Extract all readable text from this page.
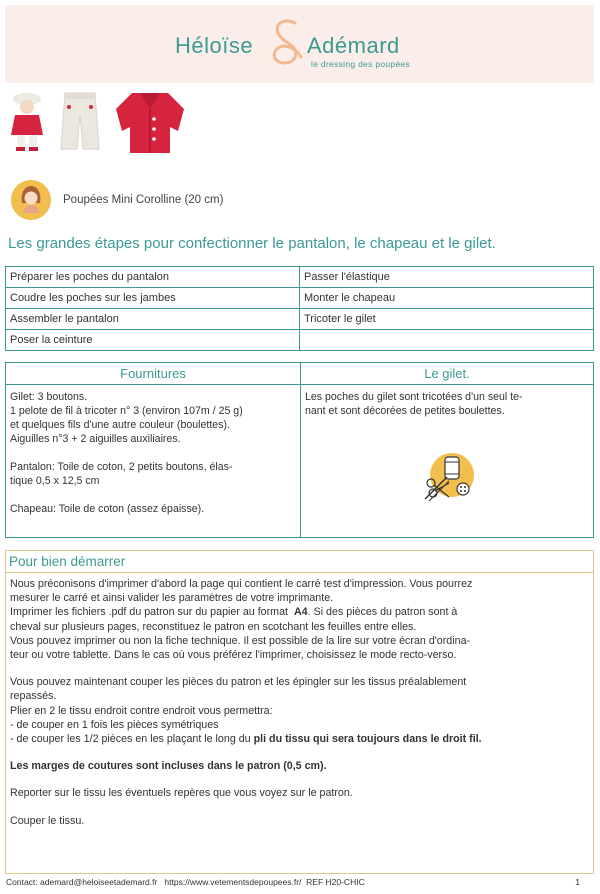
Héloïse Adémard
le dressing des poupées
Poupées Mini Corolline (20 cm)
Les grandes étapes pour confectionner le pantalon, le chapeau et le gilet.
Préparer les poches du pantalon	Passer l'élastique
Coudre les poches sur les jambes	Monter le chapeau
Assembler le pantalon	Tricoter le gilet
Poser la ceinture	
Fournitures
Gilet: 3 boutons.
1 pelote de fil à tricoter n° 3 (environ 107m / 25 g)
et quelques fils d'une autre couleur (boulettes).
Aiguilles n°3 + 2 aiguilles auxiliaires.
Pantalon: Toile de coton, 2 petits boutons, élas-
tique 0,5 x 12,5 cm
Chapeau: Toile de coton (assez épaisse).
Le gilet.
Les poches du gilet sont tricotées d'un seul te-
nant et sont décorées de petites boulettes.
Pour bien démarrer
Nous préconisons d'imprimer d'abord la page qui contient le carré test d'impression. Vous pourrez
mesurer le carré et ainsi valider les paramètres de votre imprimante.
Imprimer les fichiers .pdf du patron sur du papier au format A4. Si des pièces du patron sont à
cheval sur plusieurs pages, reconstituez le patron en scotchant les feuilles entre elles.
Vous pouvez imprimer ou non la fiche technique. Il est possible de la lire sur votre écran d'ordina-
teur ou votre tablette. Dans le cas où vous préférez l'imprimer, choisissez le mode recto-verso.
Vous pouvez maintenant couper les pièces du patron et les épingler sur les tissus préalablement
repassés.
Plier en 2 le tissu endroit contre endroit vous permettra:
- de couper en 1 fois les pièces symétriques
- de couper les 1/2 pièces en les plaçant le long du pli du tissu qui sera toujours dans le droit fil.
Les marges de coutures sont incluses dans le patron (0,5 cm).
Reporter sur le tissu les éventuels repères que vous voyez sur le patron.
Couper le tissu.
Contact: ademard@heloiseetademard.fr   https://www.vetementsdepoupees.fr/  REF H20-CHIC	1
